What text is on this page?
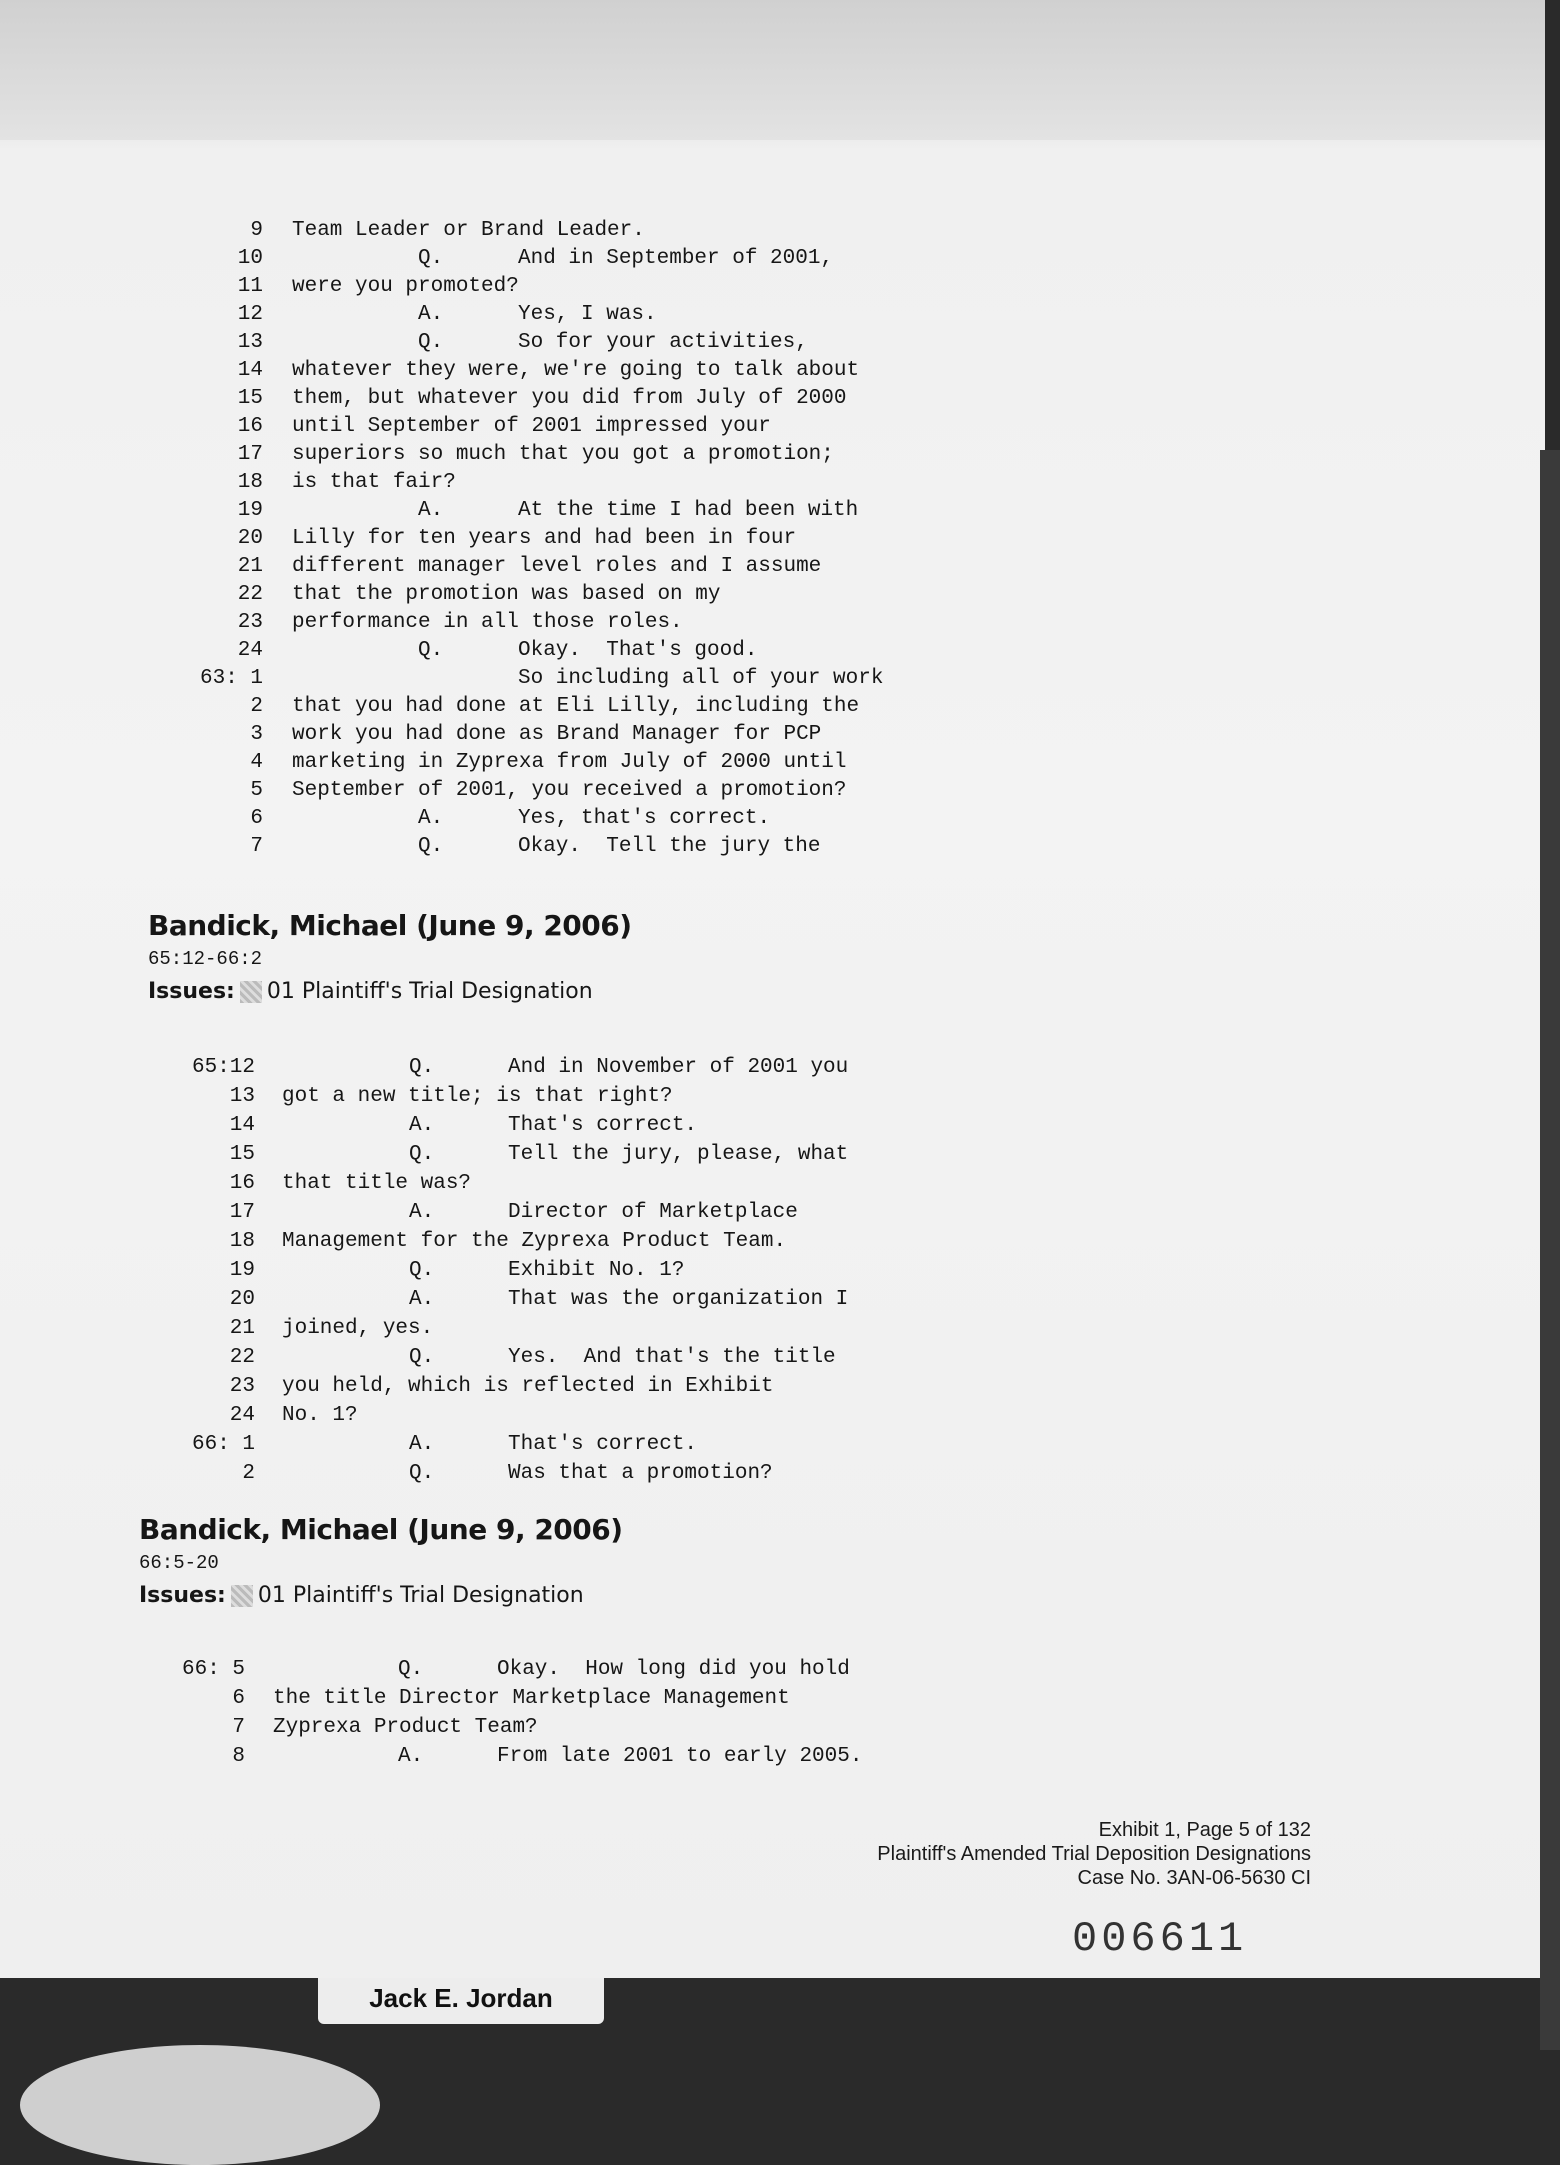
9 Team Leader or Brand Leader.
10	Q.	And in September of 2001,
11 were you promoted?
12	A.	Yes, I was.
13	Q.	So for your activities,
14 whatever they were, we're going to talk about
15 them, but whatever you did from July of 2000
16 until September of 2001 impressed your
17 superiors so much that you got a promotion;
18 is that fair?
19	A.	At the time I had been with
20 Lilly for ten years and had been in four
21 different manager level roles and I assume
22 that the promotion was based on my
23 performance in all those roles.
24	Q.	Okay.  That's good.
63: 1	So including all of your work
2 that you had done at Eli Lilly, including the
3 work you had done as Brand Manager for PCP
4 marketing in Zyprexa from July of 2000 until
5 September of 2001, you received a promotion?
6	A.	Yes, that's correct.
7	Q.	Okay.  Tell the jury the
Bandick, Michael (June 9, 2006)
65:12-66:2
Issues: 01 Plaintiff's Trial Designation
65:12	Q.	And in November of 2001 you
13 got a new title; is that right?
14	A.	That's correct.
15	Q.	Tell the jury, please, what
16 that title was?
17	A.	Director of Marketplace
18 Management for the Zyprexa Product Team.
19	Q.	Exhibit No. 1?
20	A.	That was the organization I
21 joined, yes.
22	Q.	Yes.  And that's the title
23 you held, which is reflected in Exhibit
24 No. 1?
66: 1	A.	That's correct.
2	Q.	Was that a promotion?
Bandick, Michael (June 9, 2006)
66:5-20
Issues: 01 Plaintiff's Trial Designation
66: 5	Q.	Okay.  How long did you hold
6 the title Director Marketplace Management
7 Zyprexa Product Team?
8	A.	From late 2001 to early 2005.
Exhibit 1, Page 5 of 132
Plaintiff's Amended Trial Deposition Designations
Case No. 3AN-06-5630 CI
006611
Jack E. Jordan
